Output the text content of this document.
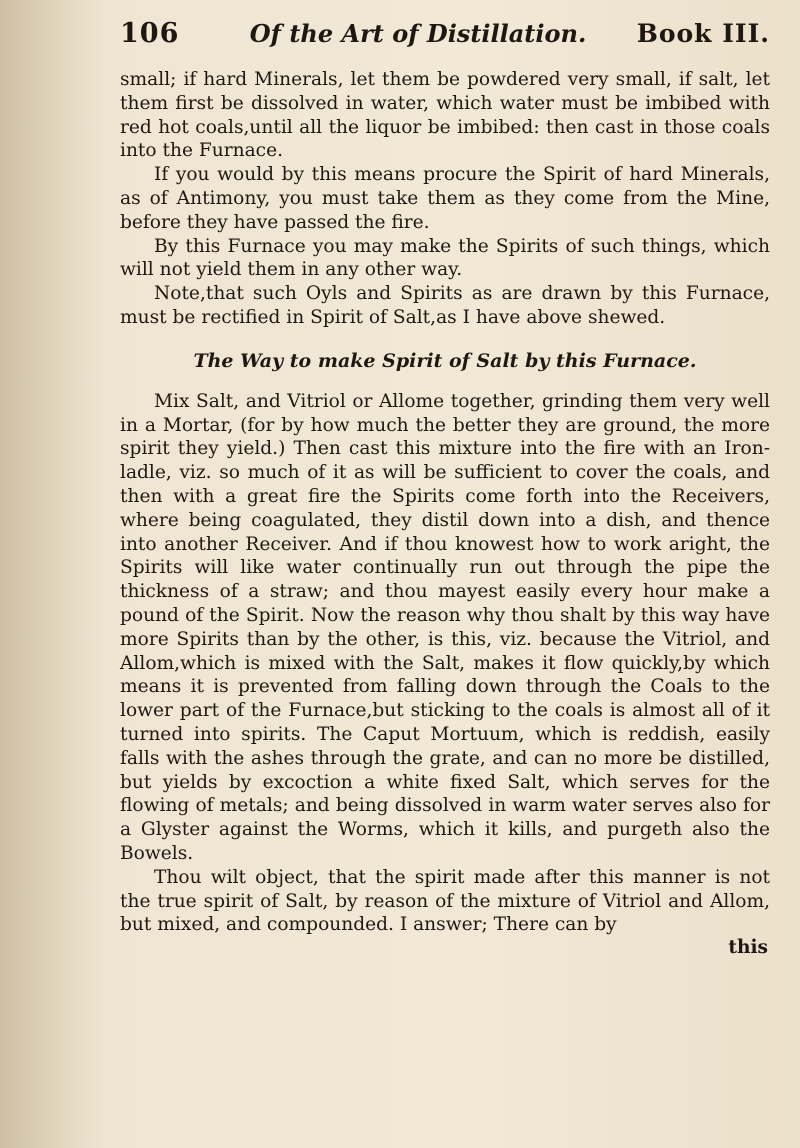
106	Of the Art of Distillation.	Book III.

small; if hard Minerals, let them be powdered very small, if salt, let them first be dissolved in water, which water must be imbibed with red hot coals,until all the liquor be imbibed: then cast in those coals into the Furnace.

If you would by this means procure the Spirit of hard Minerals, as of Antimony, you must take them as they come from the Mine, before they have passed the fire.

By this Furnace you may make the Spirits of such things, which will not yield them in any other way.

Note,that such Oyls and Spirits as are drawn by this Furnace, must be rectified in Spirit of Salt,as I have above shewed.

The Way to make Spirit of Salt by this Furnace.

Mix Salt, and Vitriol or Allome together, grinding them very well in a Mortar, (for by how much the better they are ground, the more spirit they yield.) Then cast this mixture into the fire with an Iron-ladle, viz. so much of it as will be sufficient to cover the coals, and then with a great fire the Spirits come forth into the Receivers, where being coagulated, they distil down into a dish, and thence into another Receiver. And if thou knowest how to work aright, the Spirits will like water continually run out through the pipe the thickness of a straw; and thou mayest easily every hour make a pound of the Spirit. Now the reason why thou shalt by this way have more Spirits than by the other, is this, viz. because the Vitriol, and Allom,which is mixed with the Salt, makes it flow quickly,by which means it is prevented from falling down through the Coals to the lower part of the Furnace,but sticking to the coals is almost all of it turned into spirits. The Caput Mortuum, which is reddish, easily falls with the ashes through the grate, and can no more be distilled, but yields by excoction a white fixed Salt, which serves for the flowing of metals; and being dissolved in warm water serves also for a Glyster against the Worms, which it kills, and purgeth also the Bowels.

Thou wilt object, that the spirit made after this manner is not the true spirit of Salt, by reason of the mixture of Vitriol and Allom, but mixed, and compounded. I answer; There can by

this
